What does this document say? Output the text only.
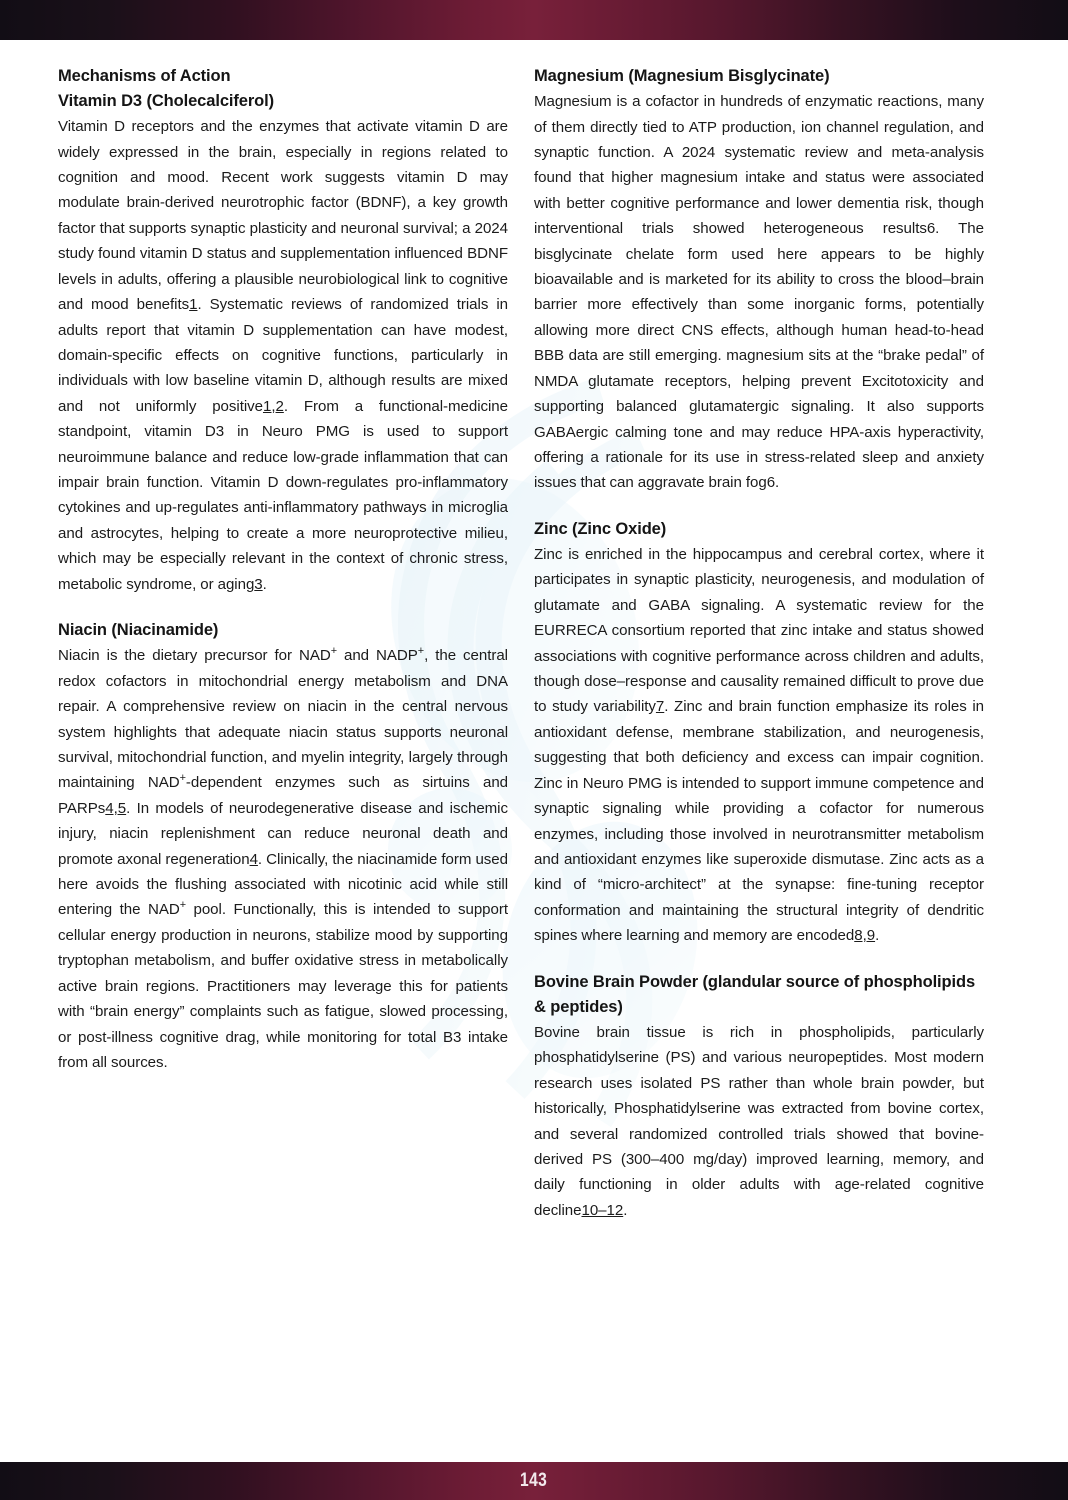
Mechanisms of Action
Vitamin D3 (Cholecalciferol)

Vitamin D receptors and the enzymes that activate vitamin D are widely expressed in the brain, especially in regions related to cognition and mood. Recent work suggests vitamin D may modulate brain-derived neurotrophic factor (BDNF), a key growth factor that supports synaptic plasticity and neuronal survival; a 2024 study found vitamin D status and supplementation influenced BDNF levels in adults, offering a plausible neurobiological link to cognitive and mood benefits1. Systematic reviews of randomized trials in adults report that vitamin D supplementation can have modest, domain-specific effects on cognitive functions, particularly in individuals with low baseline vitamin D, although results are mixed and not uniformly positive1,2. From a functional-medicine standpoint, vitamin D3 in Neuro PMG is used to support neuroimmune balance and reduce low-grade inflammation that can impair brain function. Vitamin D down-regulates pro-inflammatory cytokines and up-regulates anti-inflammatory pathways in microglia and astrocytes, helping to create a more neuroprotective milieu, which may be especially relevant in the context of chronic stress, metabolic syndrome, or aging3.

Niacin (Niacinamide)

Niacin is the dietary precursor for NAD+ and NADP+, the central redox cofactors in mitochondrial energy metabolism and DNA repair. A comprehensive review on niacin in the central nervous system highlights that adequate niacin status supports neuronal survival, mitochondrial function, and myelin integrity, largely through maintaining NAD+-dependent enzymes such as sirtuins and PARPs4,5. In models of neurodegenerative disease and ischemic injury, niacin replenishment can reduce neuronal death and promote axonal regeneration4. Clinically, the niacinamide form used here avoids the flushing associated with nicotinic acid while still entering the NAD+ pool. Functionally, this is intended to support cellular energy production in neurons, stabilize mood by supporting tryptophan metabolism, and buffer oxidative stress in metabolically active brain regions. Practitioners may leverage this for patients with “brain energy” complaints such as fatigue, slowed processing, or post-illness cognitive drag, while monitoring for total B3 intake from all sources.

Magnesium (Magnesium Bisglycinate)

Magnesium is a cofactor in hundreds of enzymatic reactions, many of them directly tied to ATP production, ion channel regulation, and synaptic function. A 2024 systematic review and meta-analysis found that higher magnesium intake and status were associated with better cognitive performance and lower dementia risk, though interventional trials showed heterogeneous results6. The bisglycinate chelate form used here appears to be highly bioavailable and is marketed for its ability to cross the blood–brain barrier more effectively than some inorganic forms, potentially allowing more direct CNS effects, although human head-to-head BBB data are still emerging. magnesium sits at the “brake pedal” of NMDA glutamate receptors, helping prevent Excitotoxicity and supporting balanced glutamatergic signaling. It also supports GABAergic calming tone and may reduce HPA-axis hyperactivity, offering a rationale for its use in stress-related sleep and anxiety issues that can aggravate brain fog6.

Zinc (Zinc Oxide)

Zinc is enriched in the hippocampus and cerebral cortex, where it participates in synaptic plasticity, neurogenesis, and modulation of glutamate and GABA signaling. A systematic review for the EURRECA consortium reported that zinc intake and status showed associations with cognitive performance across children and adults, though dose–response and causality remained difficult to prove due to study variability7. Zinc and brain function emphasize its roles in antioxidant defense, membrane stabilization, and neurogenesis, suggesting that both deficiency and excess can impair cognition. Zinc in Neuro PMG is intended to support immune competence and synaptic signaling while providing a cofactor for numerous enzymes, including those involved in neurotransmitter metabolism and antioxidant enzymes like superoxide dismutase. Zinc acts as a kind of “micro-architect” at the synapse: fine-tuning receptor conformation and maintaining the structural integrity of dendritic spines where learning and memory are encoded8,9.

Bovine Brain Powder (glandular source of phospholipids & peptides)

Bovine brain tissue is rich in phospholipids, particularly phosphatidylserine (PS) and various neuropeptides. Most modern research uses isolated PS rather than whole brain powder, but historically, Phosphatidylserine was extracted from bovine cortex, and several randomized controlled trials showed that bovine-derived PS (300–400 mg/day) improved learning, memory, and daily functioning in older adults with age-related cognitive decline10–12.

143
